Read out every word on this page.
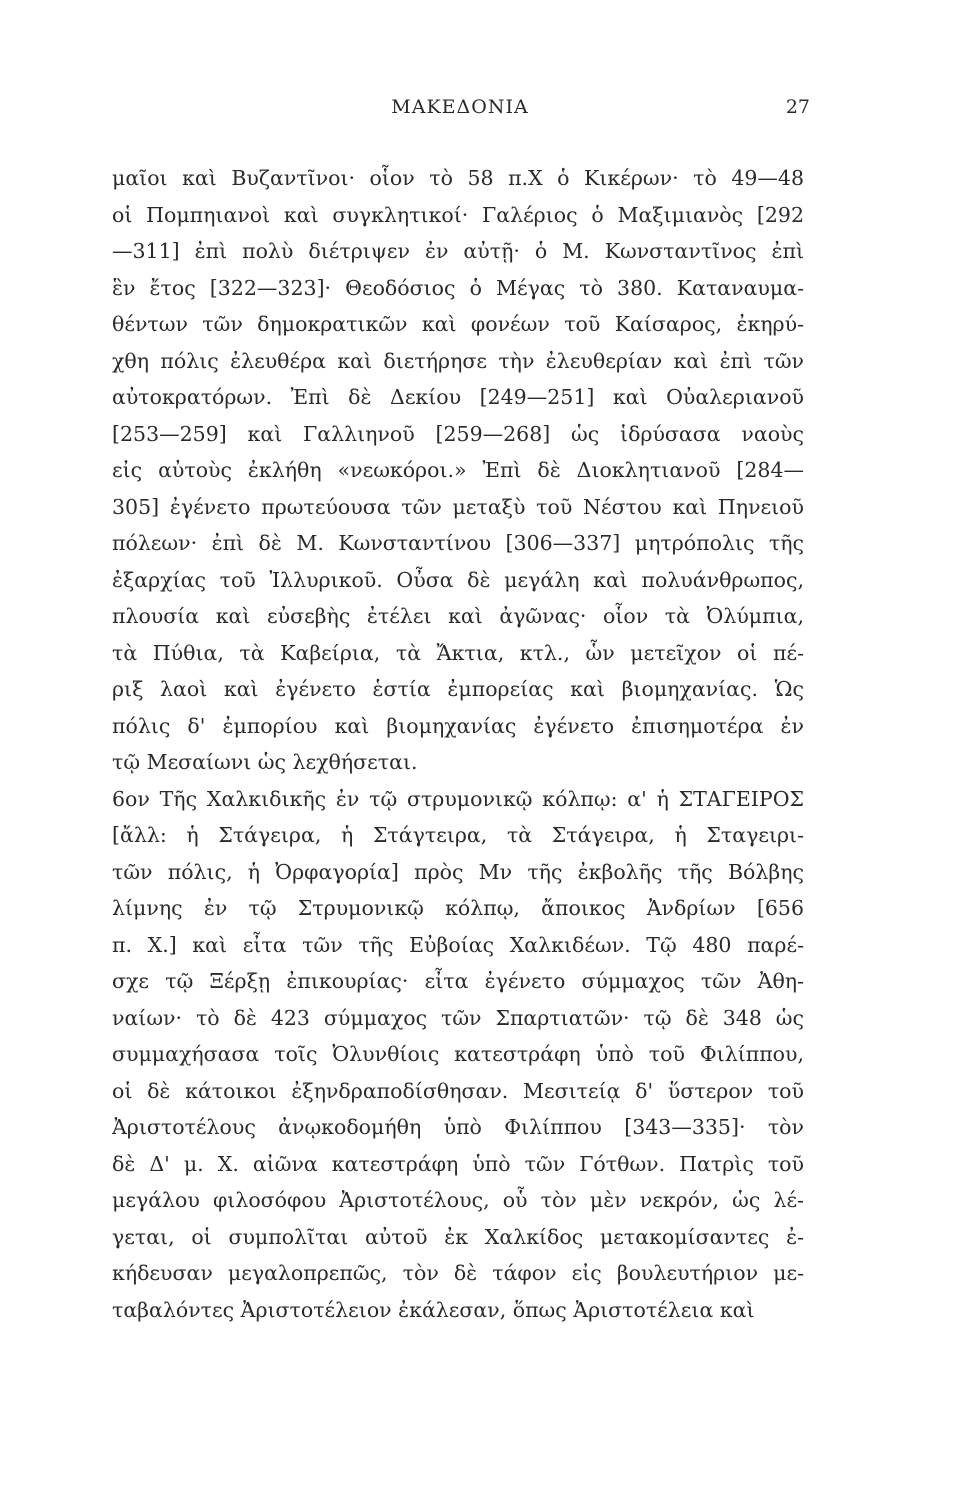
ΜΑΚΕΔΟΝΙΑ	27
μαῖοι καὶ Βυζαντῖνοι· οἷον τὸ 58 π.Χ ὁ Κικέρων· τὸ 49—48
οἱ Πομπηιανοὶ καὶ συγκλητικοί· Γαλέριος ὁ Μαξιμιανὸς [292
—311] ἐπὶ πολὺ διέτριψεν ἐν αὐτῇ· ὁ Μ. Κωνσταντῖνος ἐπὶ
ἓν ἔτος [322—323]· Θεοδόσιος ὁ Μέγας τὸ 380. Καταναυμα-
θέντων τῶν δημοκρατικῶν καὶ φονέων τοῦ Καίσαρος, ἐκηρύ-
χθη πόλις ἐλευθέρα καὶ διετήρησε τὴν ἐλευθερίαν καὶ ἐπὶ τῶν
αὐτοκρατόρων. Ἐπὶ δὲ Δεκίου [249—251] καὶ Οὐαλεριανοῦ
[253—259] καὶ Γαλλιηνοῦ [259—268] ὡς ἱδρύσασα ναοὺς
εἰς αὐτοὺς ἐκλήθη «νεωκόροι.» Ἐπὶ δὲ Διοκλητιανοῦ [284—
305] ἐγένετο πρωτεύουσα τῶν μεταξὺ τοῦ Νέστου καὶ Πηνειοῦ
πόλεων· ἐπὶ δὲ Μ. Κωνσταντίνου [306—337] μητρόπολις τῆς
ἐξαρχίας τοῦ Ἰλλυρικοῦ. Οὖσα δὲ μεγάλη καὶ πολυάνθρωπος,
πλουσία καὶ εὐσεβὴς ἐτέλει καὶ ἀγῶνας· οἷον τὰ Ὀλύμπια,
τὰ Πύθια, τὰ Καβείρια, τὰ Ἄκτια, κτλ., ὧν μετεῖχον οἱ πέ-
ριξ λαοὶ καὶ ἐγένετο ἑστία ἐμπορείας καὶ βιομηχανίας. Ὡς
πόλις δ' ἐμπορίου καὶ βιομηχανίας ἐγένετο ἐπισημοτέρα ἐν
τῷ Μεσαίωνι ὡς λεχθήσεται.
6ον Τῆς Χαλκιδικῆς ἐν τῷ στρυμονικῷ κόλπῳ: α' ἡ ΣΤΑΓΕΙΡΟΣ
[ἄλλ: ἡ Στάγειρα, ἡ Στάγτειρα, τὰ Στάγειρα, ἡ Σταγειρι-
τῶν πόλις, ἡ Ὀρφαγορία] πρὸς Μν τῆς ἐκβολῆς τῆς Βόλβης
λίμνης ἐν τῷ Στρυμονικῷ κόλπῳ, ἄποικος Ἀνδρίων [656
π. Χ.] καὶ εἶτα τῶν τῆς Εὐβοίας Χαλκιδέων. Τῷ 480 παρέ-
σχε τῷ Ξέρξῃ ἐπικουρίας· εἶτα ἐγένετο σύμμαχος τῶν Ἀθη-
ναίων· τὸ δὲ 423 σύμμαχος τῶν Σπαρτιατῶν· τῷ δὲ 348 ὡς
συμμαχήσασα τοῖς Ὀλυνθίοις κατεστράφη ὑπὸ τοῦ Φιλίππου,
οἱ δὲ κάτοικοι ἐξηνδραποδίσθησαν. Μεσιτείᾳ δ' ὕστερον τοῦ
Ἀριστοτέλους ἀνῳκοδομήθη ὑπὸ Φιλίππου [343—335]· τὸν
δὲ Δ' μ. Χ. αἰῶνα κατεστράφη ὑπὸ τῶν Γότθων. Πατρὶς τοῦ
μεγάλου φιλοσόφου Ἀριστοτέλους, οὗ τὸν μὲν νεκρόν, ὡς λέ-
γεται, οἱ συμπολῖται αὐτοῦ ἐκ Χαλκίδος μετακομίσαντες ἐ-
κήδευσαν μεγαλοπρεπῶς, τὸν δὲ τάφον εἰς βουλευτήριον με-
ταβαλόντες Ἀριστοτέλειον ἐκάλεσαν, ὅπως Ἀριστοτέλεια καὶ
